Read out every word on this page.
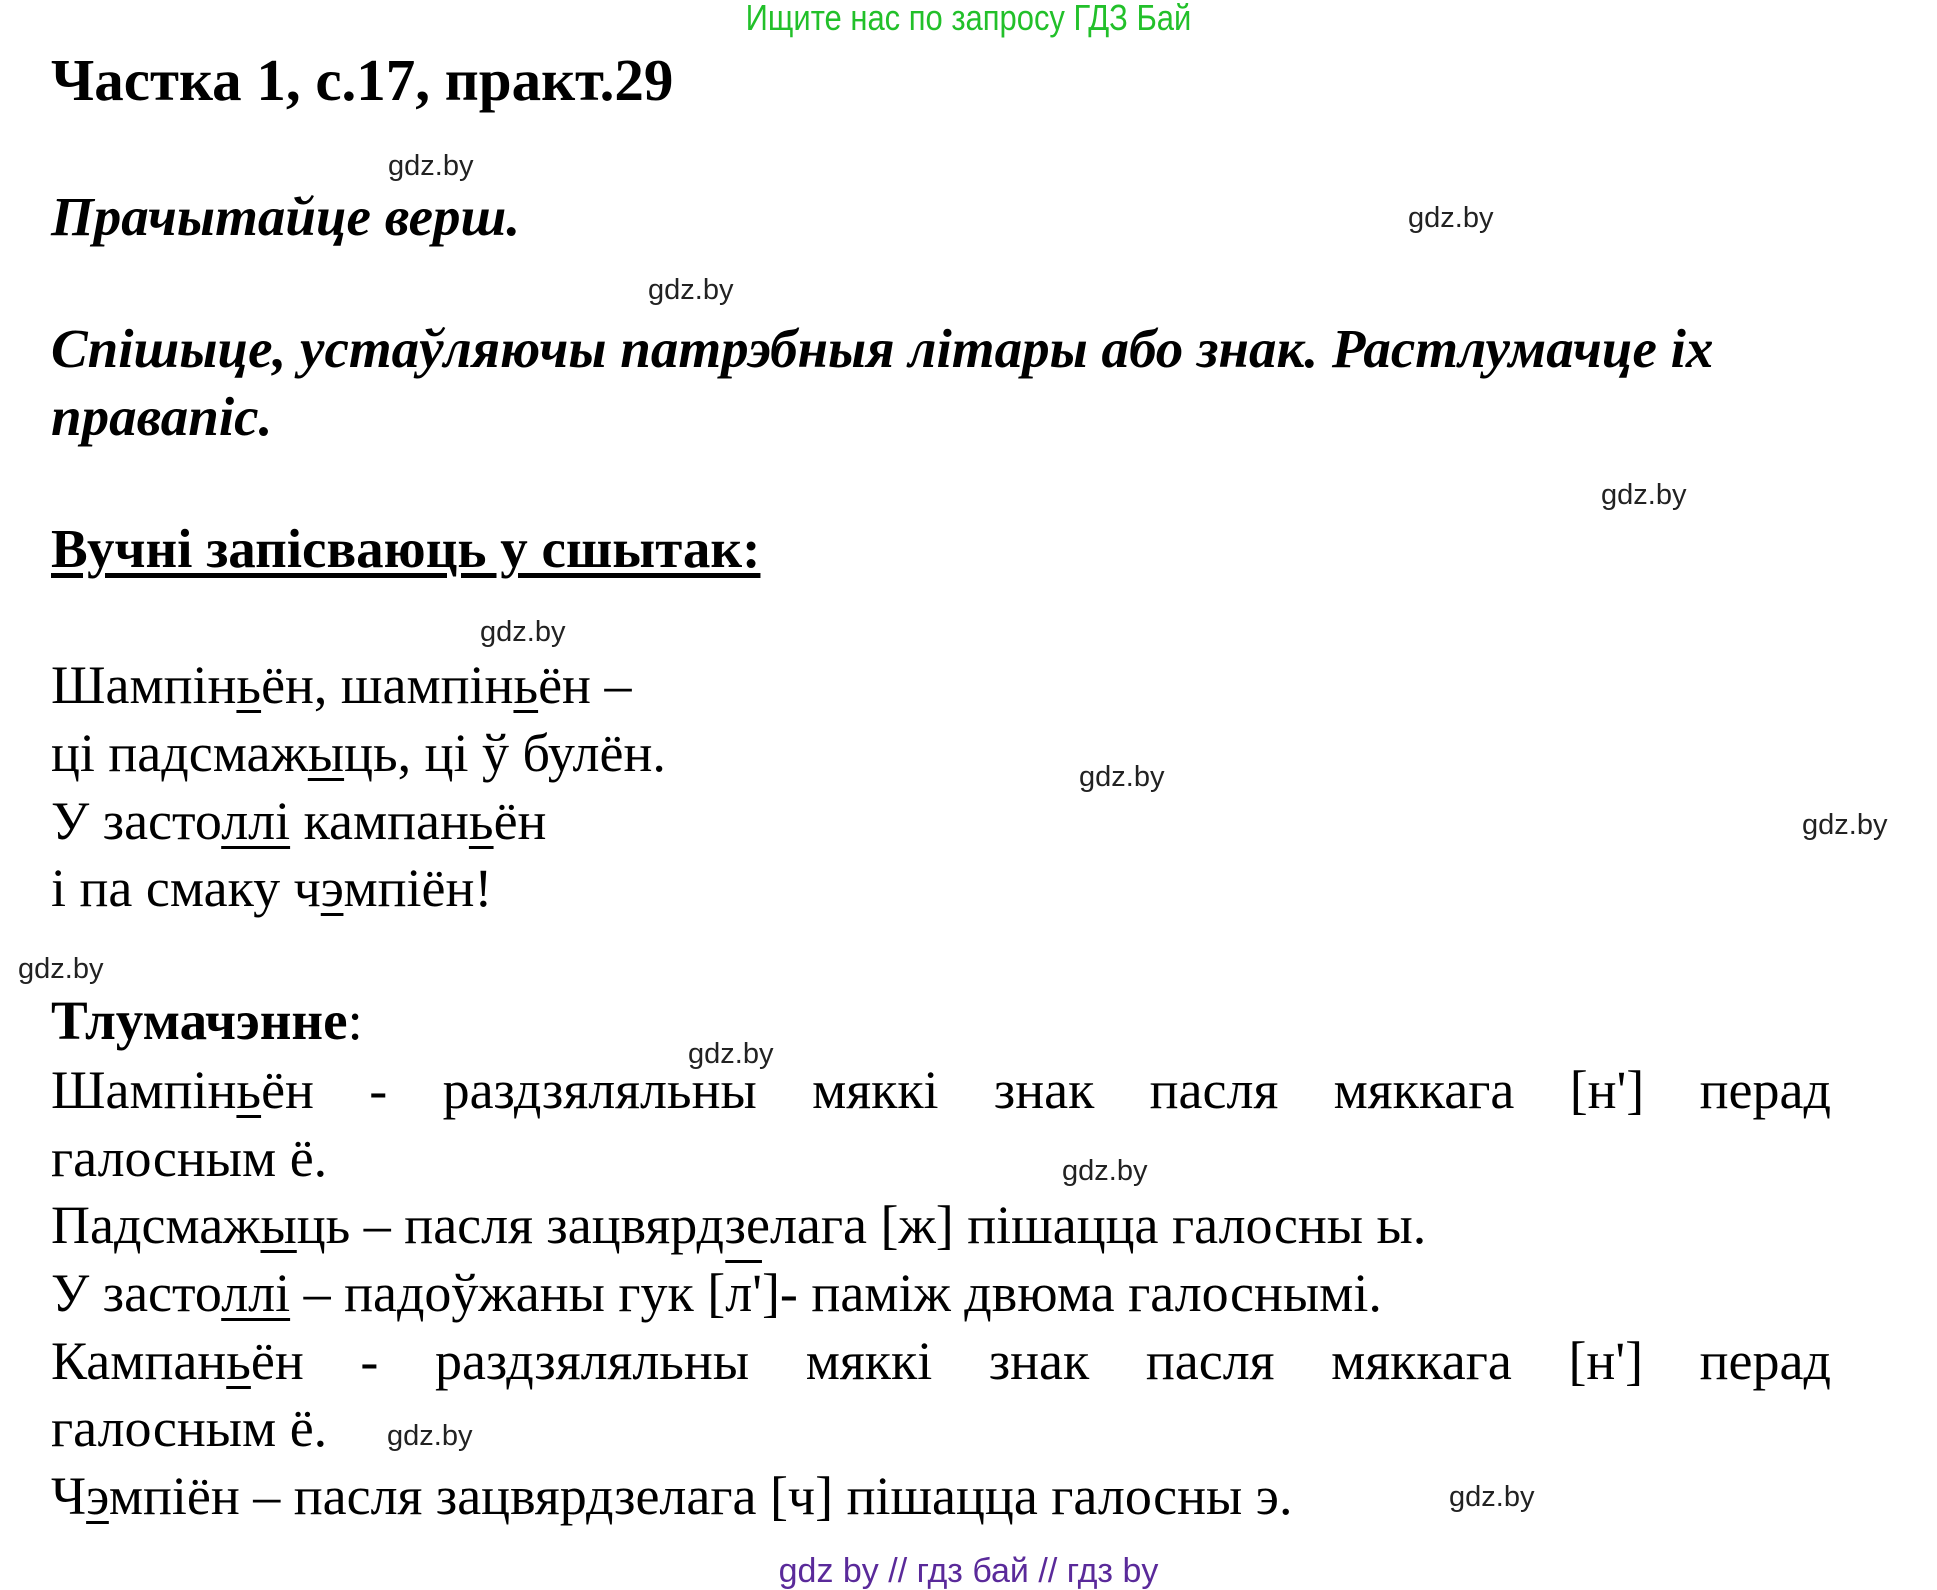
Ищите нас по запросу ГДЗ Бай
Частка 1, с.17, практ.29
gdz.by
Прачытайце верш.	gdz.by
gdz.by
Спішыце, устаўляючы патрэбныя літары або знак. Растлумачце іх
правапіс.
gdz.by
Вучні запісваюць у сшытак:
gdz.by
Шампіньён, шампіньён –
ці падсмажыць, ці ў булён.	gdz.by
У застоллі кампаньён	gdz.by
і па смаку чэмпіён!
gdz.by
Тлумачэнне:
gdz.by
Шампіньён - раздзяляльны мяккі знак пасля мяккага [н'] перад
галосным ё.	gdz.by
Падсмажыць – пасля зацвярдзелага [ж] пішацца галосны ы.
У застоллі – падоўжаны гук [л']- паміж двюма галоснымі.
Кампаньён - раздзяляльны мяккі знак пасля мяккага [н'] перад
галосным ё. gdz.by
Чэмпіён – пасля зацвярдзелага [ч] пішацца галосны э.	gdz.by
gdz by // гдз бай // гдз by
